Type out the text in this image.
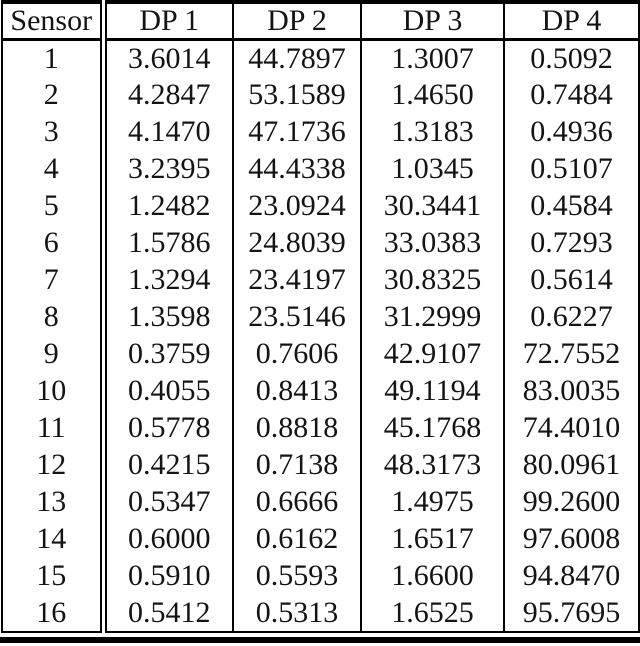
Sensor	DP 1	DP 2	DP 3	DP 4
1	3.6014	44.7897	1.3007	0.5092
2	4.2847	53.1589	1.4650	0.7484
3	4.1470	47.1736	1.3183	0.4936
4	3.2395	44.4338	1.0345	0.5107
5	1.2482	23.0924	30.3441	0.4584
6	1.5786	24.8039	33.0383	0.7293
7	1.3294	23.4197	30.8325	0.5614
8	1.3598	23.5146	31.2999	0.6227
9	0.3759	0.7606	42.9107	72.7552
10	0.4055	0.8413	49.1194	83.0035
11	0.5778	0.8818	45.1768	74.4010
12	0.4215	0.7138	48.3173	80.0961
13	0.5347	0.6666	1.4975	99.2600
14	0.6000	0.6162	1.6517	97.6008
15	0.5910	0.5593	1.6600	94.8470
16	0.5412	0.5313	1.6525	95.7695
